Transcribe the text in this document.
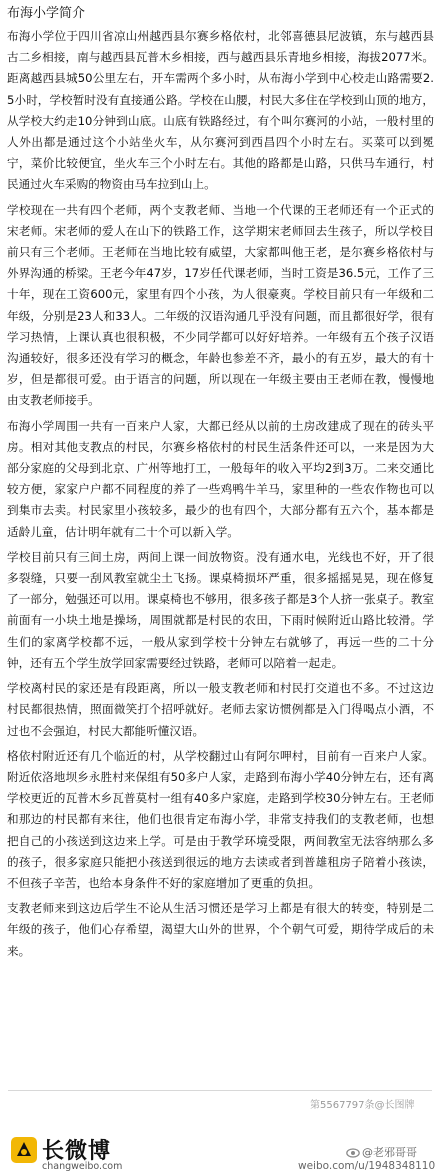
布海小学简介

布海小学位于四川省凉山州越西县尔赛乡格依村，北邻喜德县尼波镇，东与越西县古二乡相接，南与越西县瓦普木乡相接，西与越西县乐青地乡相接，海拔2077米。距离越西县城50公里左右，开车需两个多小时，从布海小学到中心校走山路需要2.5小时，学校暂时没有直接通公路。学校在山腰，村民大多住在学校到山顶的地方，从学校大约走10分钟到山底。山底有铁路经过，有个叫尔赛河的小站，一般村里的人外出都是通过这个小站坐火车，从尔赛河到西昌四个小时左右。买菜可以到冕宁，菜价比较便宜，坐火车三个小时左右。其他的路都是山路，只供马车通行，村民通过火车采购的物资由马车拉到山上。

学校现在一共有四个老师，两个支教老师、当地一个代课的王老师还有一个正式的宋老师。宋老师的爱人在山下的铁路工作，这学期宋老师回去生孩子，所以学校目前只有三个老师。王老师在当地比较有威望，大家都叫他王老，是尔赛乡格依村与外界沟通的桥梁。王老今年47岁，17岁任代课老师，当时工资是36.5元，工作了三十年，现在工资600元，家里有四个小孩，为人很豪爽。学校目前只有一年级和二年级，分别是23人和33人。二年级的汉语沟通几乎没有问题，而且都很好学，很有学习热情，上课认真也很积极，不少同学都可以好好培养。一年级有五个孩子汉语沟通较好，很多还没有学习的概念，年龄也参差不齐，最小的有五岁，最大的有十岁，但是都很可爱。由于语言的问题，所以现在一年级主要由王老师在教，慢慢地由支教老师接手。

布海小学周围一共有一百来户人家，大都已经从以前的土房改建成了现在的砖头平房。相对其他支教点的村民，尔赛乡格依村的村民生活条件还可以，一来是因为大部分家庭的父母到北京、广州等地打工，一般每年的收入平均2到3万。二来交通比较方便，家家户户都不同程度的养了一些鸡鸭牛羊马，家里种的一些农作物也可以到集市去卖。村民家里小孩较多，最少的也有四个，大部分都有五六个，基本都是适龄儿童，估计明年就有二十个可以新入学。

学校目前只有三间土房，两间上课一间放物资。没有通水电，光线也不好，开了很多裂缝，只要一刮风教室就尘土飞扬。课桌椅损坏严重，很多摇摇晃晃，现在修复了一部分，勉强还可以用。课桌椅也不够用，很多孩子都是3个人挤一张桌子。教室前面有一小块土地是操场，周围就都是村民的农田，下雨时候附近山路比较滑。学生们的家离学校都不远，一般从家到学校十分钟左右就够了，再远一些的二十分钟，还有五个学生放学回家需要经过铁路，老师可以陪着一起走。

学校离村民的家还是有段距离，所以一般支教老师和村民打交道也不多。不过这边村民都很热情，照面微笑打个招呼就好。老师去家访惯例都是入门得喝点小酒，不过也不会强迫，村民大都能听懂汉语。

格依村附近还有几个临近的村，从学校翻过山有阿尔呷村，目前有一百来户人家。附近依洛地坝乡永胜村来保组有50多户人家，走路到布海小学40分钟左右，还有离学校更近的瓦普木乡瓦普莫村一组有40多户家庭，走路到学校30分钟左右。王老师和那边的村民都有来往，他们也很肯定布海小学，非常支持我们的支教老师，也想把自己的小孩送到这边来上学。可是由于教学环境受限，两间教室无法容纳那么多的孩子，很多家庭只能把小孩送到很远的地方去读或者到普雄租房子陪着小孩读，不但孩子辛苦，也给本身条件不好的家庭增加了更重的负担。

支教老师来到这边后学生不论从生活习惯还是学习上都是有很大的转变，特别是二年级的孩子，他们心存希望，渴望大山外的世界，个个朝气可爱，期待学成后的未来。

第5567797条@长图牌
长微博
changweibo.com
@老邪哥哥
weibo.com/u/1948348110
